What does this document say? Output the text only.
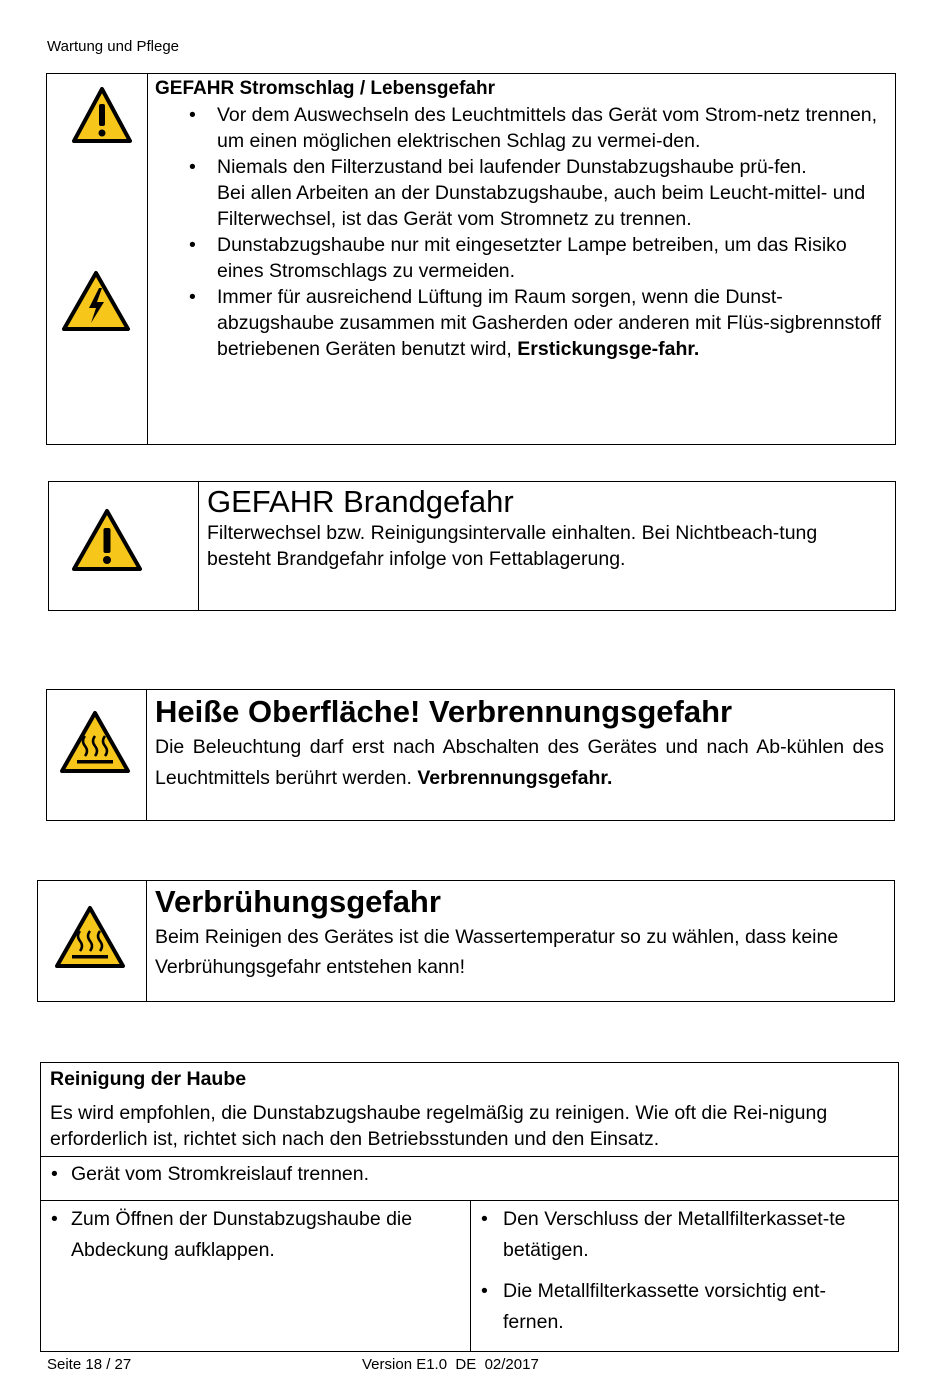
Wartung und Pflege
GEFAHR Stromschlag / Lebensgefahr
• Vor dem Auswechseln des Leuchtmittels das Gerät vom Strom-netz trennen, um einen möglichen elektrischen Schlag zu vermei-den.
• Niemals den Filterzustand bei laufender Dunstabzugshaube prü-fen.
Bei allen Arbeiten an der Dunstabzugshaube, auch beim Leucht-mittel- und Filterwechsel, ist das Gerät vom Stromnetz zu trennen.
• Dunstabzugshaube nur mit eingesetzter Lampe betreiben, um das Risiko eines Stromschlags zu vermeiden.
• Immer für ausreichend Lüftung im Raum sorgen, wenn die Dunst-abzugshaube zusammen mit Gasherden oder anderen mit Flüs-sigbrennstoff betriebenen Geräten benutzt wird, Erstickungsge-fahr.
GEFAHR Brandgefahr
Filterwechsel bzw. Reinigungsintervalle einhalten. Bei Nichtbeach-tung besteht Brandgefahr infolge von Fettablagerung.
Heiße Oberfläche! Verbrennungsgefahr
Die Beleuchtung darf erst nach Abschalten des Gerätes und nach Ab-kühlen des Leuchtmittels berührt werden. Verbrennungsgefahr.
Verbrühungsgefahr
Beim Reinigen des Gerätes ist die Wassertemperatur so zu wählen, dass keine Verbrühungsgefahr entstehen kann!
Reinigung der Haube
Es wird empfohlen, die Dunstabzugshaube regelmäßig zu reinigen. Wie oft die Rei-nigung erforderlich ist, richtet sich nach den Betriebsstunden und den Einsatz.
• Gerät vom Stromkreislauf trennen.
• Zum Öffnen der Dunstabzugshaube die Abdeckung aufklappen.
• Den Verschluss der Metallfilterkasset-te betätigen.
• Die Metallfilterkassette vorsichtig ent-fernen.
Seite 18 / 27	Version E1.0  DE  02/2017
